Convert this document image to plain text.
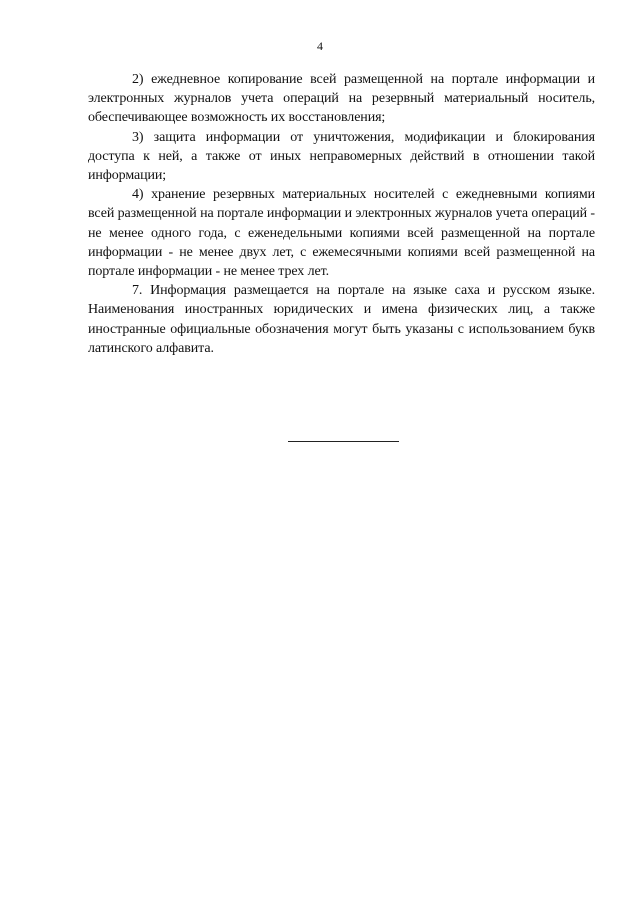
4

2) ежедневное копирование всей размещенной на портале информации и электронных журналов учета операций на резервный материальный носитель, обеспечивающее возможность их восстановления;

3) защита информации от уничтожения, модификации и блокирования доступа к ней, а также от иных неправомерных действий в отношении такой информации;

4) хранение резервных материальных носителей с ежедневными копиями всей размещенной на портале информации и электронных журналов учета операций - не менее одного года, с еженедельными копиями всей размещенной на портале информации - не менее двух лет, с ежемесячными копиями всей размещенной на портале информации - не менее трех лет.

7. Информация размещается на портале на языке саха и русском языке. Наименования иностранных юридических и имена физических лиц, а также иностранные официальные обозначения могут быть указаны с использованием букв латинского алфавита.
